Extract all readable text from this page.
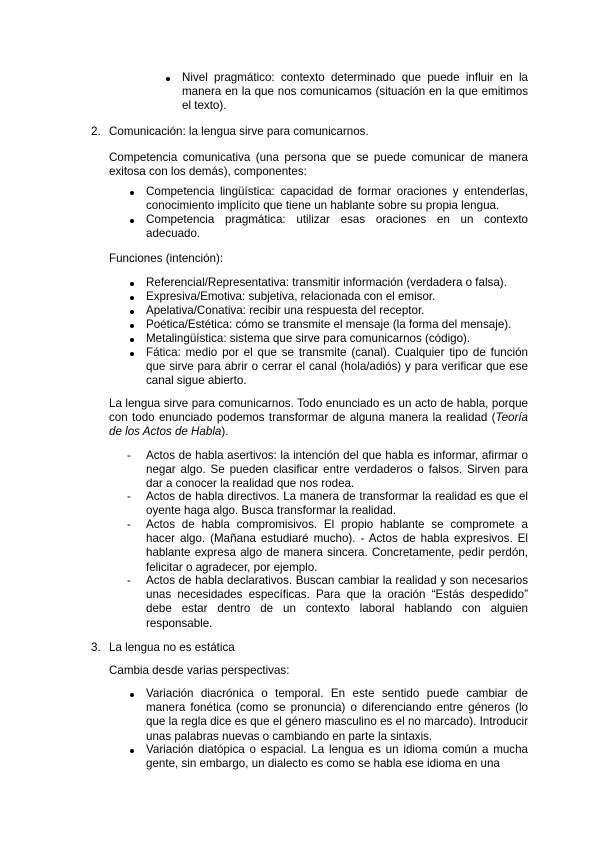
Nivel pragmático: contexto determinado que puede influir en la manera en la que nos comunicamos (situación en la que emitimos el texto).

2. Comunicación: la lengua sirve para comunicarnos.

Competencia comunicativa (una persona que se puede comunicar de manera exitosa con los demás), componentes:

Competencia lingüística: capacidad de formar oraciones y entenderlas, conocimiento implícito que tiene un hablante sobre su propia lengua.

Competencia pragmática: utilizar esas oraciones en un contexto adecuado.

Funciones (intención):

Referencial/Representativa: transmitir información (verdadera o falsa).

Expresiva/Emotiva: subjetiva, relacionada con el emisor.

Apelativa/Conativa: recibir una respuesta del receptor.

Poética/Estética: cómo se transmite el mensaje (la forma del mensaje).

Metalingüística: sistema que sirve para comunicarnos (código).

Fática: medio por el que se transmite (canal). Cualquier tipo de función que sirve para abrir o cerrar el canal (hola/adiós) y para verificar que ese canal sigue abierto.

La lengua sirve para comunicarnos. Todo enunciado es un acto de habla, porque con todo enunciado podemos transformar de alguna manera la realidad (Teoría de los Actos de Habla).

- Actos de habla asertivos: la intención del que habla es informar, afirmar o negar algo. Se pueden clasificar entre verdaderos o falsos. Sirven para dar a conocer la realidad que nos rodea.

- Actos de habla directivos. La manera de transformar la realidad es que el oyente haga algo. Busca transformar la realidad.

- Actos de habla compromisivos. El propio hablante se compromete a hacer algo. (Mañana estudiaré mucho). - Actos de habla expresivos. El hablante expresa algo de manera sincera. Concretamente, pedir perdón, felicitar o agradecer, por ejemplo.

- Actos de habla declarativos. Buscan cambiar la realidad y son necesarios unas necesidades específicas. Para que la oración “Estás despedido” debe estar dentro de un contexto laboral hablando con alguien responsable.

3. La lengua no es estática

Cambia desde varias perspectivas:

Variación diacrónica o temporal. En este sentido puede cambiar de manera fonética (como se pronuncia) o diferenciando entre géneros (lo que la regla dice es que el género masculino es el no marcado). Introducir unas palabras nuevas o cambiando en parte la sintaxis.

Variación diatópica o espacial. La lengua es un idioma común a mucha gente, sin embargo, un dialecto es como se habla ese idioma en una
